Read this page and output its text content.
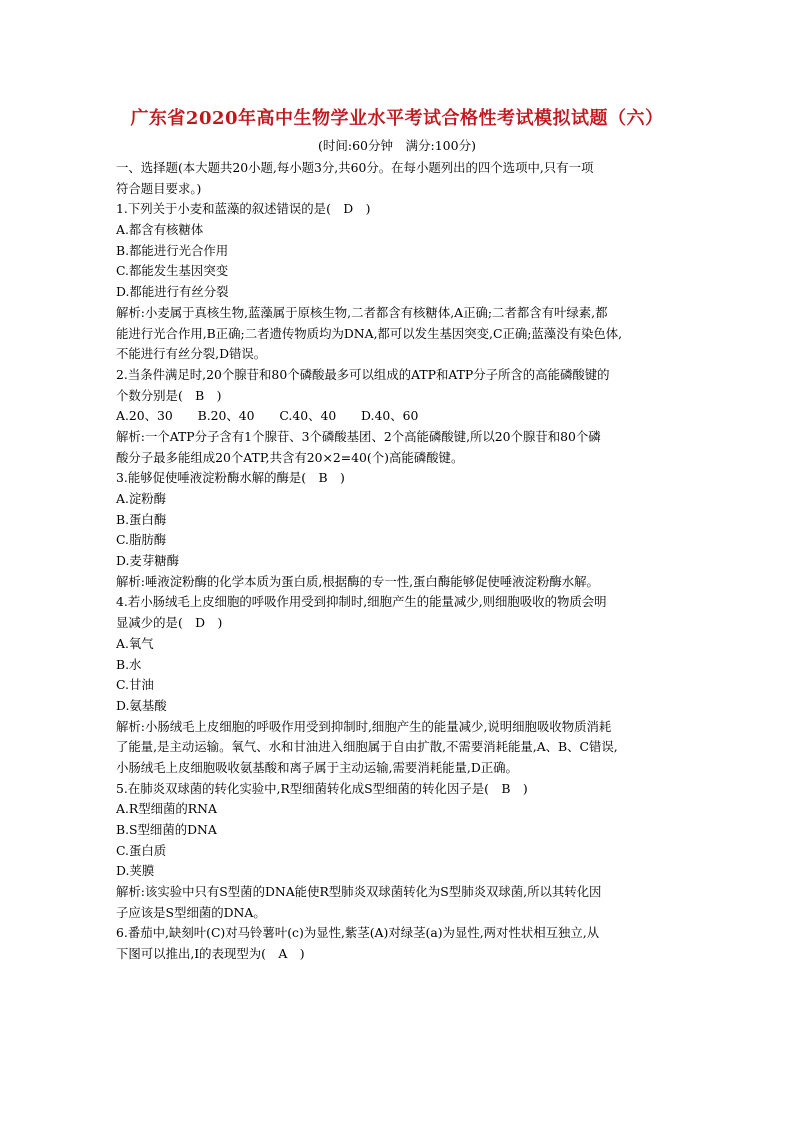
广东省2020年高中生物学业水平考试合格性考试模拟试题（六）
(时间:60分钟　满分:100分)
一、选择题(本大题共20小题,每小题3分,共60分。在每小题列出的四个选项中,只有一项
符合题目要求。)
1.下列关于小麦和蓝藻的叙述错误的是(　D　)
A.都含有核糖体
B.都能进行光合作用
C.都能发生基因突变
D.都能进行有丝分裂
解析:小麦属于真核生物,蓝藻属于原核生物,二者都含有核糖体,A正确;二者都含有叶绿素,都
能进行光合作用,B正确;二者遗传物质均为DNA,都可以发生基因突变,C正确;蓝藻没有染色体,
不能进行有丝分裂,D错误。
2.当条件满足时,20个腺苷和80个磷酸最多可以组成的ATP和ATP分子所含的高能磷酸键的
个数分别是(　B　)
A.20、30　　B.20、40　　C.40、40　　D.40、60
解析:一个ATP分子含有1个腺苷、3个磷酸基团、2个高能磷酸键,所以20个腺苷和80个磷
酸分子最多能组成20个ATP,共含有20×2=40(个)高能磷酸键。
3.能够促使唾液淀粉酶水解的酶是(　B　)
A.淀粉酶
B.蛋白酶
C.脂肪酶
D.麦芽糖酶
解析:唾液淀粉酶的化学本质为蛋白质,根据酶的专一性,蛋白酶能够促使唾液淀粉酶水解。
4.若小肠绒毛上皮细胞的呼吸作用受到抑制时,细胞产生的能量减少,则细胞吸收的物质会明
显减少的是(　D　)
A.氧气
B.水
C.甘油
D.氨基酸
解析:小肠绒毛上皮细胞的呼吸作用受到抑制时,细胞产生的能量减少,说明细胞吸收物质消耗
了能量,是主动运输。氧气、水和甘油进入细胞属于自由扩散,不需要消耗能量,A、B、C错误,
小肠绒毛上皮细胞吸收氨基酸和离子属于主动运输,需要消耗能量,D正确。
5.在肺炎双球菌的转化实验中,R型细菌转化成S型细菌的转化因子是(　B　)
A.R型细菌的RNA
B.S型细菌的DNA
C.蛋白质
D.荚膜
解析:该实验中只有S型菌的DNA能使R型肺炎双球菌转化为S型肺炎双球菌,所以其转化因
子应该是S型细菌的DNA。
6.番茄中,缺刻叶(C)对马铃薯叶(c)为显性,紫茎(A)对绿茎(a)为显性,两对性状相互独立,从
下图可以推出,Ⅰ的表现型为(　A　)
